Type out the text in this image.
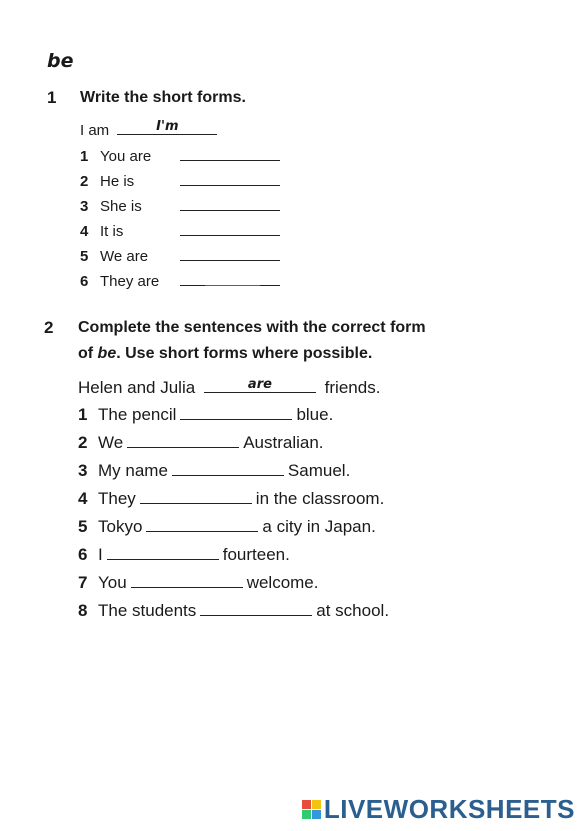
be
1 Write the short forms.
I am	I'm
1 You are
2 He is
3 She is
4 It is
5 We are
6 They are
2 Complete the sentences with the correct form
of be. Use short forms where possible.
Helen and Julia	are	friends.
1 The pencil	blue.
2 We	Australian.
3 My name	Samuel.
4 They	in the classroom.
5 Tokyo	a city in Japan.
6 I	fourteen.
7 You	welcome.
8 The students	at school.
LIVEWORKSHEETS
